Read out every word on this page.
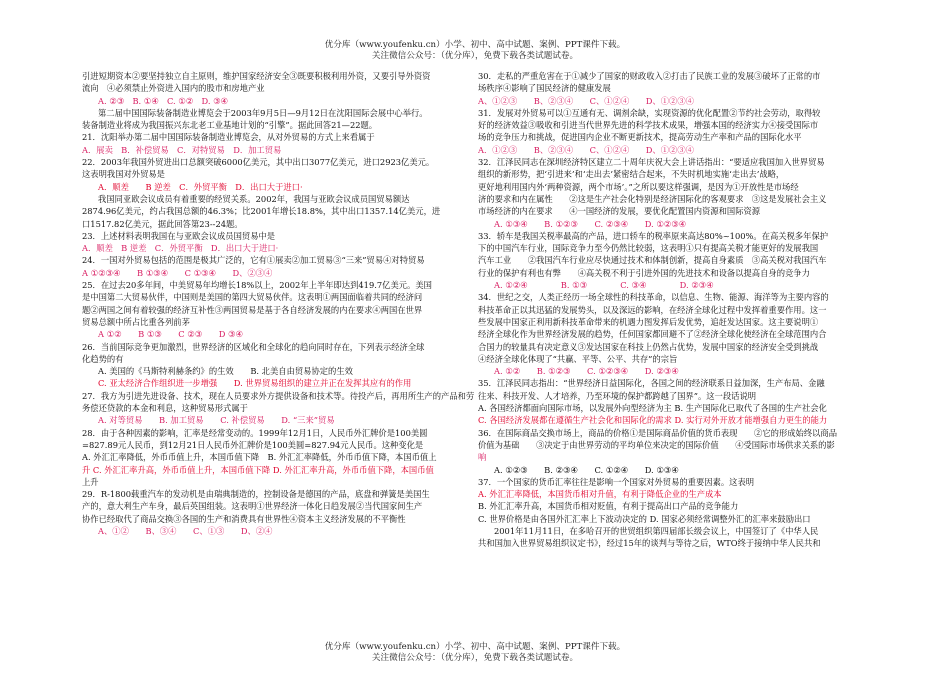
优分库（www.youfenku.cn）小学、初中、高中试题、案例、PPT课件下载。
关注微信公众号：（优分库），免费下载各类试题试卷。
引进短期资本②要坚持独立自主原则，维护国家经济安全③既要积极利用外资，又要引导外资资
流向　④必须禁止外资进入国内的股市和房地产业
A. ②③　B. ①④　C. ①②　D. ③④
第二届中国国际装备制造业博览会于2003年9月5日—9月12日在沈阳国际会展中心举行。
装备制造业将成为我国振兴东北老工业基地计划的“引擎”。据此回答21—22题。
21．沈阳举办第二届中国国际装备制造业博览会，从对外贸易的方式上来看属于
A．展卖　B．补偿贸易　C．对特贸易　D．加工贸易
22．2003年我国外贸进出口总额突破6000亿美元，其中出口3077亿美元，进口2923亿美元。
这表明我国对外贸易是
A．顺差　　B 逆差　C．外贸平衡　D．出口大于进口·
我国同亚欧会议成员有着重要的经贸关系。2002年，我国与亚欧会议成员国贸易额达
2874.96亿美元，约占我国总额的46.3%；比2001年增长18.8%，其中出口1357.14亿美元，进
口1517.82亿美元，据此回答第23--24题。
23．上述材料表明我国在与亚欧会议成员国贸易中是
A．顺差　B 逆差　C．外贸平衡　D．出口大于进口·
24．一国对外贸易包括的范围是极其广泛的，它有①展卖②加工贸易③“三来”贸易④对特贸易
A ①②③④　　B ①③④　　C ①③④　　D、②③④
25．在过去20多年间，中美贸易年均增长18%以上，2002年上半年即达到419.7亿美元。美国
是中国第二大贸易伙伴，中国则是美国的第四大贸易伙伴。这表明①两国面临着共同的经济问
题②两国之间有着较强的经济互补性③两国贸易是基于各自经济发展的内在要求④两国在世界
贸易总额中所占比重各列前茅
A ①②　　B ①③　　C ②③　　D ③④
26．当前国际竞争更加激烈，世界经济的区域化和全球化的趋向同时存在，下列表示经济全球
化趋势的有
A. 美国的《马斯特利赫条约》的生效　　B. 北美自由贸易协定的生效
C. 亚太经济合作组织进一步增强　　D. 世界贸易组织的建立并正在发挥其应有的作用
27．我方为引进先进设备、技术，现在人员要求外方提供设备和技术等。待投产后，再用所生产的产品和劳
务偿还贷款的本金和利息，这种贸易形式属于
A. 对等贸易　　B. 加工贸易　　C. 补偿贸易　　D. “三来”贸易
28．由于各种因素的影响，汇率是经常变动的。1999年12月1日，人民币外汇牌价是100美圆
=827.89元人民币，到12月21日人民币外汇牌价是100美圆=827.94元人民币。这种变化是
A. 外汇汇率降低，外币币值上升，本国币值下降　B. 外汇汇率降低，外币币值下降，本国币值上
升 C. 外汇汇率升高，外币币值上升，本国币值下降 D. 外汇汇率升高，外币币值下降，本国币值
上升
29．R-1800载重汽车的发动机是由瑞典制造的，控制设备是德国的产品，底盘和弹簧是美国生
产的，意大利生产车身，最后英国组装。这表明①世界经济一体化日趋发展②当代国家间生产
协作已经取代了商品交换③各国的生产和消费具有世界性④资本主义经济发展的不平衡性
A、①②　　B、③④　　C、①③　　D、②④
30．走私的严重危害在于①减少了国家的财政收入②打击了民族工业的发展③破坏了正常的市
场秩序④影响了国民经济的健康发展
A、①②③　　B、②③④　　C、①②④　　D、①②③④
31．发展对外贸易可以①互通有无、调剂余缺，实现资源的优化配置②节约社会劳动，取得较
好的经济效益③吸收和引进当代世界先进的科学技术成果，增强本国的经济实力④接受国际市
场的竞争压力和挑战，促进国内企业不断更新技术，提高劳动生产率和产品的国际化水平
A．①②③　　B、②③④　　C、①②④　　D、①②③④
32．江泽民同志在深圳经济特区建立二十周年庆祝大会上讲话指出：“要适应我国加入世界贸易
组织的新形势，把‘引进来’和‘走出去’紧密结合起来，不失时机地实施‘走出去’战略，
更好地利用国内外‘两种资源，两个市场’。”之所以要这样强调，是因为①开放性是市场经
济的要求和内在属性　　②这是生产社会化特别是经济国际化的客观要求　③这是发展社会主义
市场经济的内在要求　　④一国经济的发展，要优化配置国内资源和国际资源
A. ①③④　　B. ①②③　　C. ②③④　　D. ①②③④
33．轿车是我国关税率最高的产品，进口轿车的税率原来高达80%~100%。在高关税多年保护
下的中国汽车行业，国际竞争力至今仍然比较弱，这表明①只有提高关税才能更好的发展我国
汽车工业　　②我国汽车行业应尽快通过技术和体制创新，提高自身素质　③高关税对我国汽车
行业的保护有利也有弊　　④高关税不利于引进外国的先进技术和设备以提高自身的竞争力
A. ①②④　　　　B. ①③　　　　C. ③④　　　　D. ②③④
34．世纪之交，人类正经历一场全球性的科技革命，以信息、生物、能源、海洋等为主要内容的
科技革命正以其迅猛的发展势头，以及深远的影响，在经济全球化过程中发挥着重要作用。这一
些发展中国家正利用新科技革命带来的机遇力图发挥后发优势，追赶发达国家。这主要说明①
经济全球化作为世界经济发展的趋势，任何国家都回避不了②经济全球化使经济在全球范围内合
合国力的较量具有决定意义③发达国家在科技上仍然占优势，发展中国家的经济安全受到挑战
④经济全球化体现了“共赢、平等、公平、共存”的宗旨
A. ①②　　B. ①②③　　C. ①②③④　　D. ②③④
35．江泽民同志指出：“世界经济日益国际化，各国之间的经济联系日益加深，生产布局、金融
往来、科技开发、人才培养，乃至环境的保护都跨越了国界”。这一段话说明
A. 各国经济都面向国际市场，以发展外向型经济为主 B. 生产国际化已取代了各国的生产社会化
C. 各国经济发展都在遵循生产社会化和国际化的需求 D. 实行对外开放才能增强自力更生的能力
36．在国际商品交换市场上，商品的价格①是国际商品价值的货币表现　　②它的形成始终以商品
价值为基础　　③决定于由世界劳动的平均单位来决定的国际价值　　④受国际市场供求关系的影
响
A. ①②③　　B. ②③④　　C. ①②④　　D. ①③④
37．一个国家的货币汇率往往是影响一个国家对外贸易的重要因素。这表明
A. 外汇汇率降低，本国货币相对升值，有利于降低企业的生产成本
B. 外汇汇率升高，本国货币相对贬值，有利于提高出口产品的竞争能力
C. 世界价格是由各国外汇汇率上下波动决定的 D. 国家必须经常调整外汇的汇率来鼓励出口
2001年11月11日，在多哈召开的世贸组织第四届部长级会议上，中国签订了《中华人民
共和国加入世界贸易组织议定书》，经过15年的谈判与等待之后，WTO终于接纳中华人民共和
优分库（www.youfenku.cn）小学、初中、高中试题、案例、PPT课件下载。
关注微信公众号：（优分库），免费下载各类试题试卷。
